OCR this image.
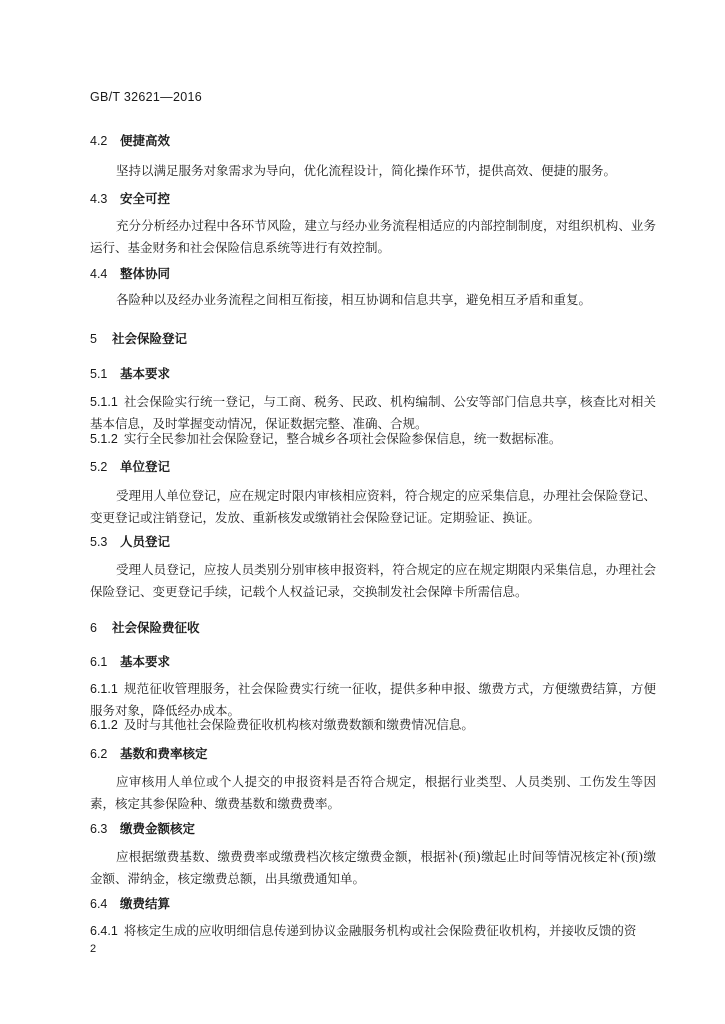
GB/T 32621—2016
4.2 便捷高效
坚持以满足服务对象需求为导向，优化流程设计，简化操作环节，提供高效、便捷的服务。
4.3 安全可控
充分分析经办过程中各环节风险，建立与经办业务流程相适应的内部控制制度，对组织机构、业务运行、基金财务和社会保险信息系统等进行有效控制。
4.4 整体协同
各险种以及经办业务流程之间相互衔接，相互协调和信息共享，避免相互矛盾和重复。
5 社会保险登记
5.1 基本要求
5.1.1 社会保险实行统一登记，与工商、税务、民政、机构编制、公安等部门信息共享，核查比对相关基本信息，及时掌握变动情况，保证数据完整、准确、合规。
5.1.2 实行全民参加社会保险登记，整合城乡各项社会保险参保信息，统一数据标准。
5.2 单位登记
受理用人单位登记，应在规定时限内审核相应资料，符合规定的应采集信息，办理社会保险登记、变更登记或注销登记，发放、重新核发或缴销社会保险登记证。定期验证、换证。
5.3 人员登记
受理人员登记，应按人员类别分别审核申报资料，符合规定的应在规定期限内采集信息，办理社会保险登记、变更登记手续，记载个人权益记录，交换制发社会保障卡所需信息。
6 社会保险费征收
6.1 基本要求
6.1.1 规范征收管理服务，社会保险费实行统一征收，提供多种申报、缴费方式，方便缴费结算，方便服务对象，降低经办成本。
6.1.2 及时与其他社会保险费征收机构核对缴费数额和缴费情况信息。
6.2 基数和费率核定
应审核用人单位或个人提交的申报资料是否符合规定，根据行业类型、人员类别、工伤发生等因素，核定其参保险种、缴费基数和缴费费率。
6.3 缴费金额核定
应根据缴费基数、缴费费率或缴费档次核定缴费金额，根据补(预)缴起止时间等情况核定补(预)缴金额、滞纳金，核定缴费总额，出具缴费通知单。
6.4 缴费结算
6.4.1 将核定生成的应收明细信息传递到协议金融服务机构或社会保险费征收机构，并接收反馈的资
2
